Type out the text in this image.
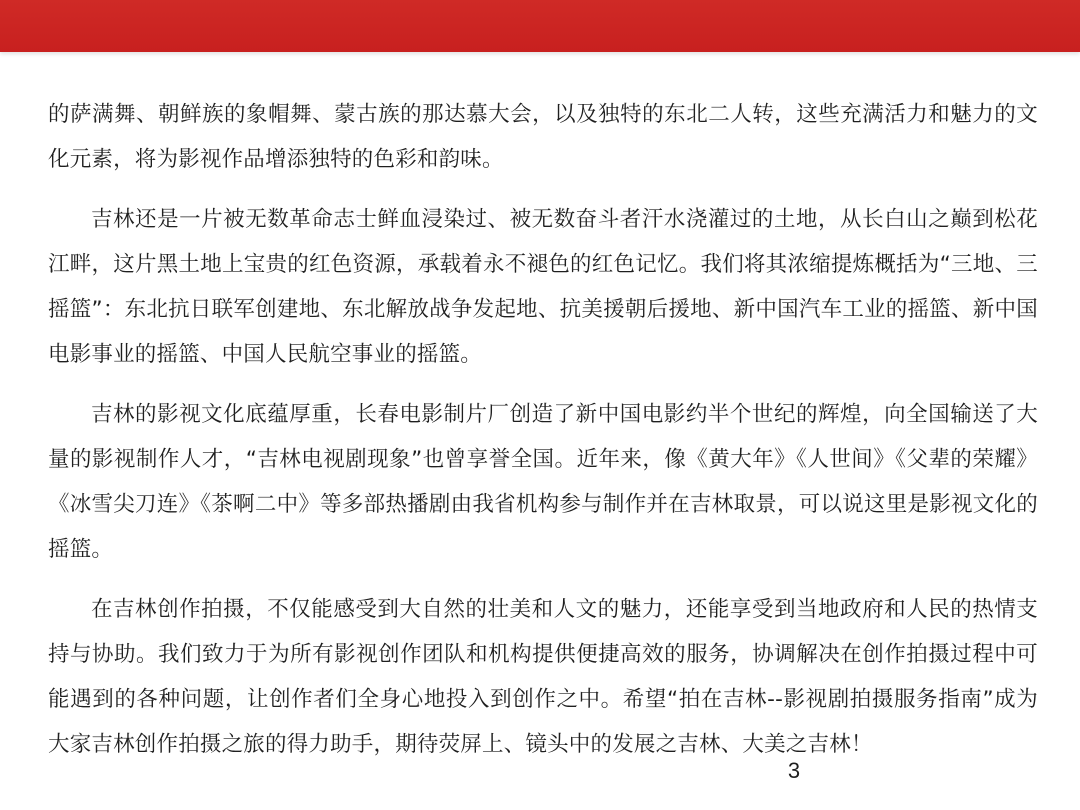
的萨满舞、朝鲜族的象帽舞、蒙古族的那达慕大会，以及独特的东北二人转，这些充满活力和魅力的文化元素，将为影视作品增添独特的色彩和韵味。

吉林还是一片被无数革命志士鲜血浸染过、被无数奋斗者汗水浇灌过的土地，从长白山之巅到松花江畔，这片黑土地上宝贵的红色资源，承载着永不褪色的红色记忆。我们将其浓缩提炼概括为“三地、三摇篮”：东北抗日联军创建地、东北解放战争发起地、抗美援朝后援地、新中国汽车工业的摇篮、新中国电影事业的摇篮、中国人民航空事业的摇篮。

吉林的影视文化底蕴厚重，长春电影制片厂创造了新中国电影约半个世纪的辉煌，向全国输送了大量的影视制作人才，“吉林电视剧现象”也曾享誉全国。近年来，像《黄大年》《人世间》《父辈的荣耀》《冰雪尖刀连》《茶啊二中》等多部热播剧由我省机构参与制作并在吉林取景，可以说这里是影视文化的摇篮。

在吉林创作拍摄，不仅能感受到大自然的壮美和人文的魅力，还能享受到当地政府和人民的热情支持与协助。我们致力于为所有影视创作团队和机构提供便捷高效的服务，协调解决在创作拍摄过程中可能遇到的各种问题，让创作者们全身心地投入到创作之中。希望“拍在吉林--影视剧拍摄服务指南”成为大家吉林创作拍摄之旅的得力助手，期待荧屏上、镜头中的发展之吉林、大美之吉林！

3
